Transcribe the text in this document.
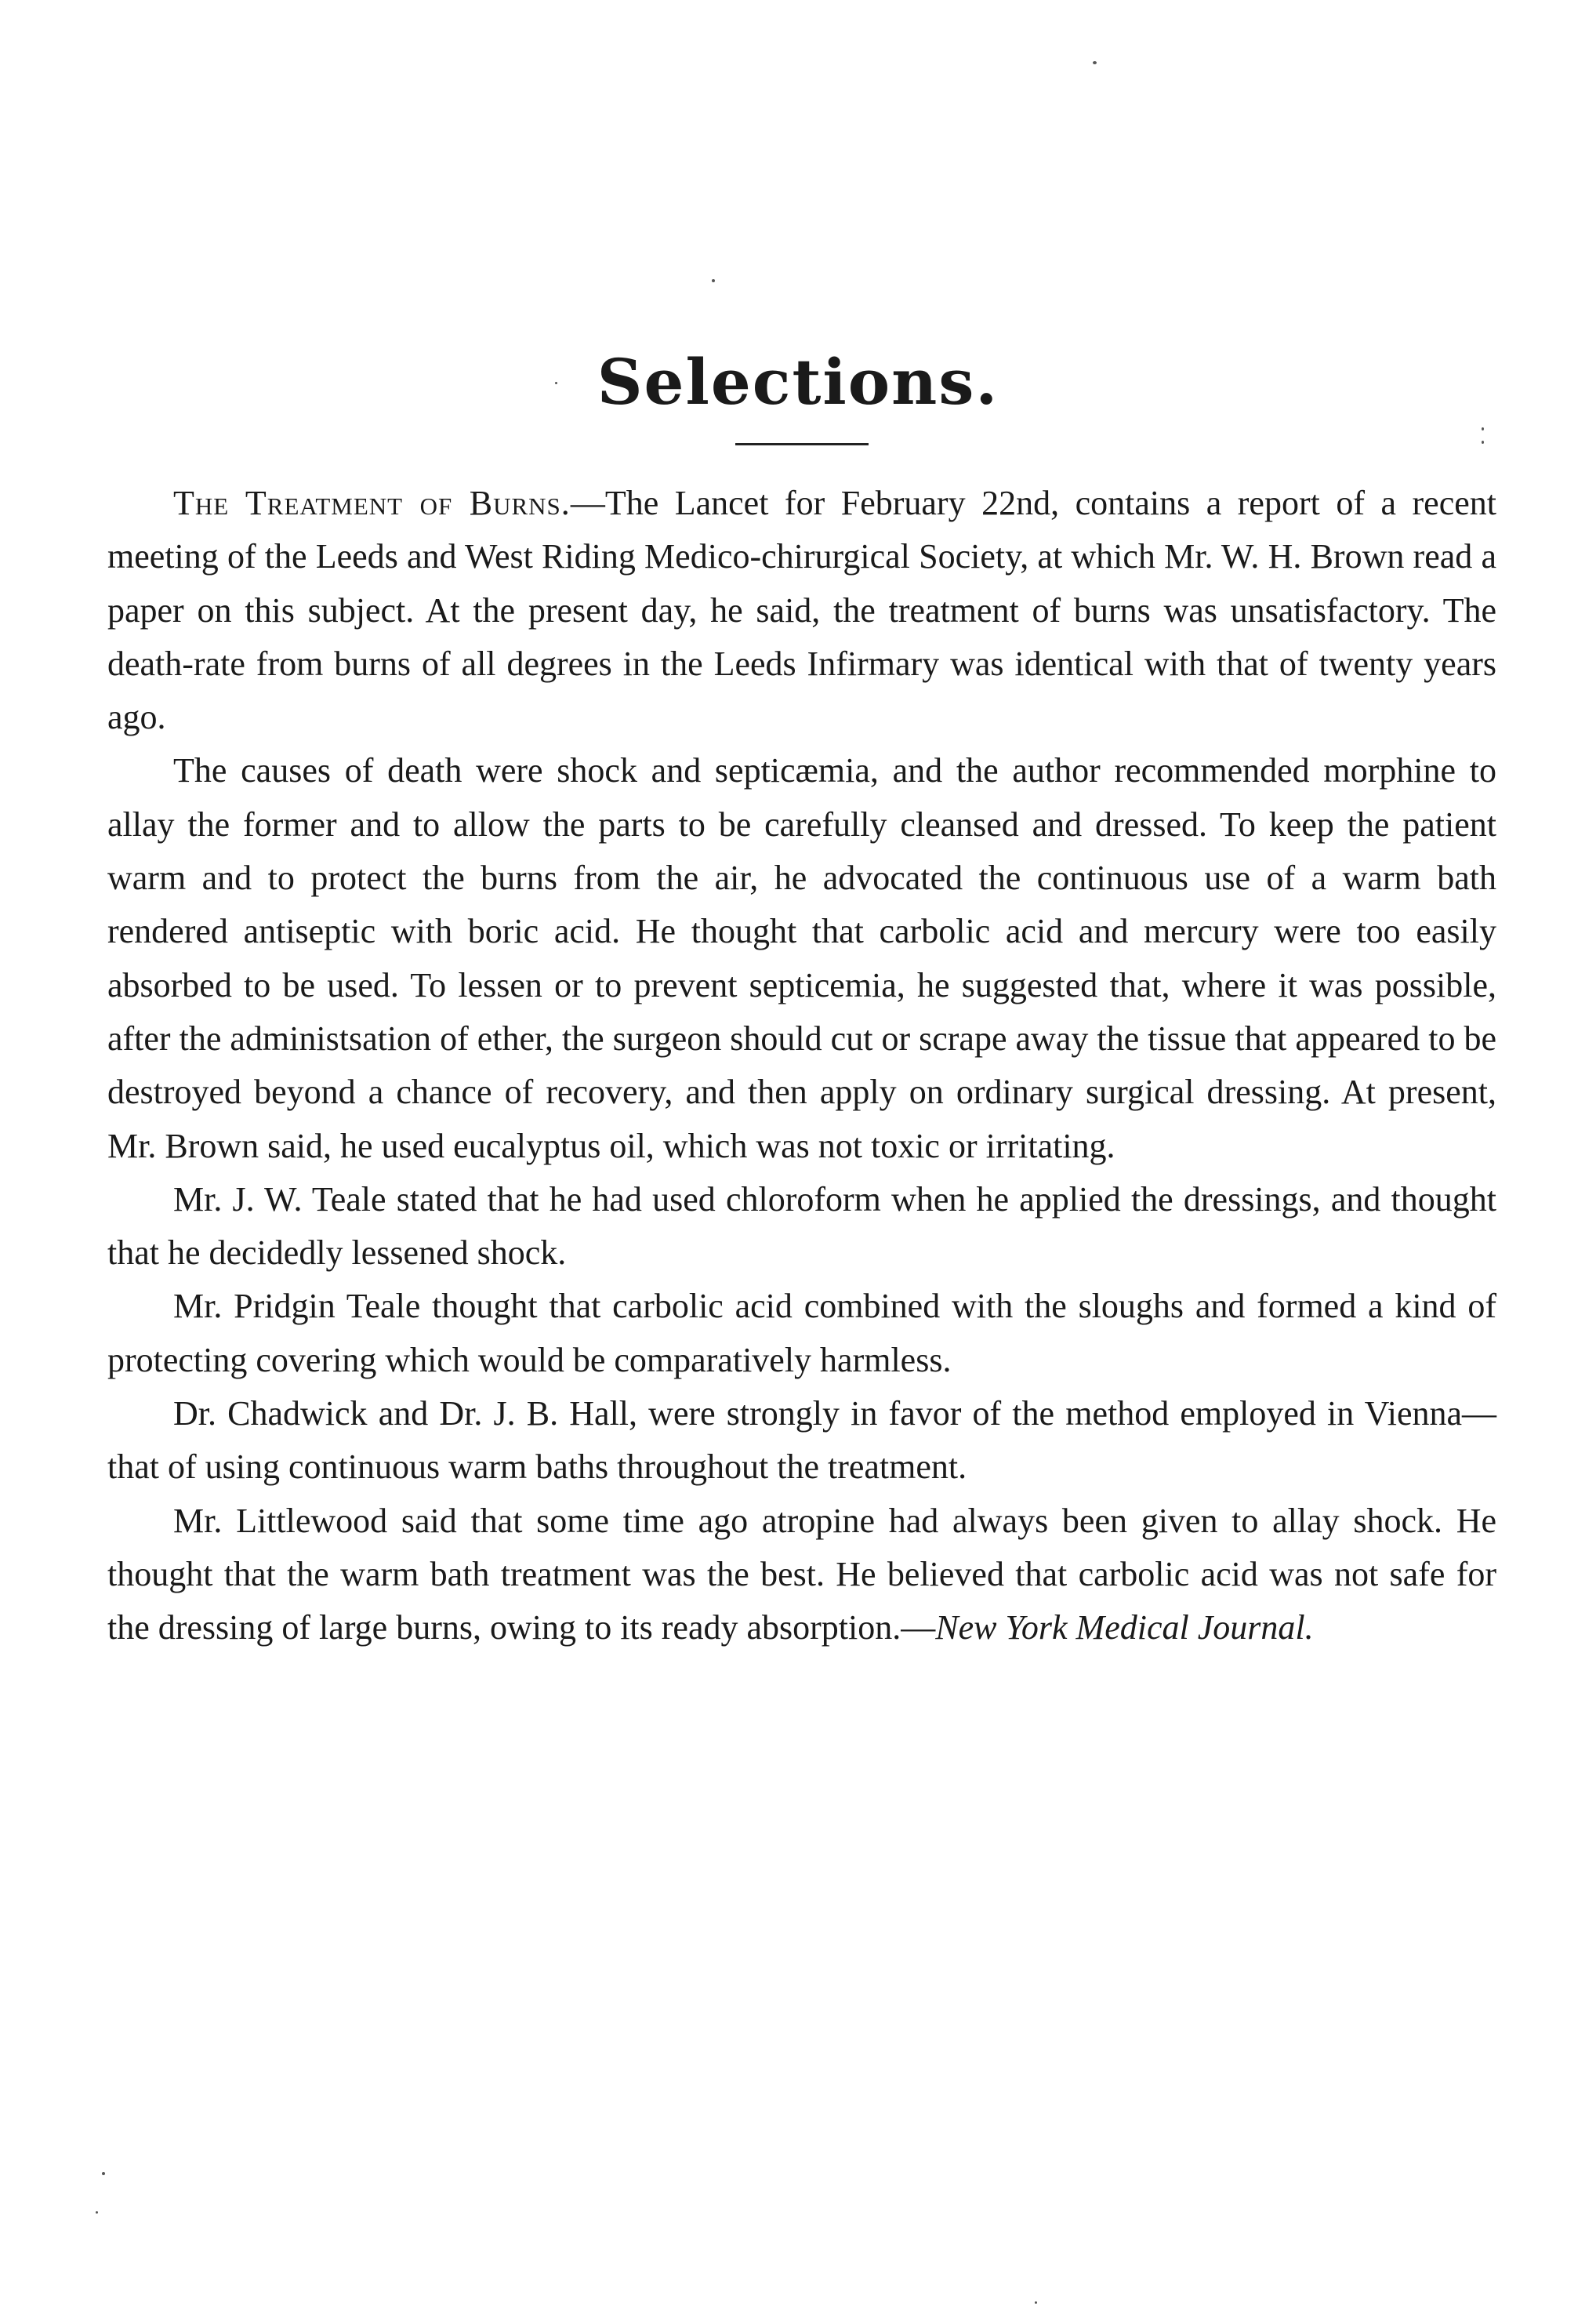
Selections.

The Treatment of Burns.—The Lancet for February 22nd, contains a report of a recent meeting of the Leeds and West Riding Medico-chirurgical Society, at which Mr. W. H. Brown read a paper on this subject. At the present day, he said, the treatment of burns was unsatisfactory. The death-rate from burns of all degrees in the Leeds Infirmary was identical with that of twenty years ago.

The causes of death were shock and septicæmia, and the author recommended morphine to allay the former and to allow the parts to be carefully cleansed and dressed. To keep the patient warm and to protect the burns from the air, he advocated the continuous use of a warm bath rendered antiseptic with boric acid. He thought that carbolic acid and mercury were too easily absorbed to be used. To lessen or to prevent septicemia, he suggested that, where it was possible, after the administsation of ether, the surgeon should cut or scrape away the tissue that appeared to be destroyed beyond a chance of recovery, and then apply on ordinary surgical dressing. At present, Mr. Brown said, he used eucalyptus oil, which was not toxic or irritating.

Mr. J. W. Teale stated that he had used chloroform when he applied the dressings, and thought that he decidedly lessened shock.

Mr. Pridgin Teale thought that carbolic acid combined with the sloughs and formed a kind of protecting covering which would be comparatively harmless.

Dr. Chadwick and Dr. J. B. Hall, were strongly in favor of the method employed in Vienna—that of using continuous warm baths throughout the treatment.

Mr. Littlewood said that some time ago atropine had always been given to allay shock. He thought that the warm bath treatment was the best. He believed that carbolic acid was not safe for the dressing of large burns, owing to its ready absorption.—New York Medical Journal.
